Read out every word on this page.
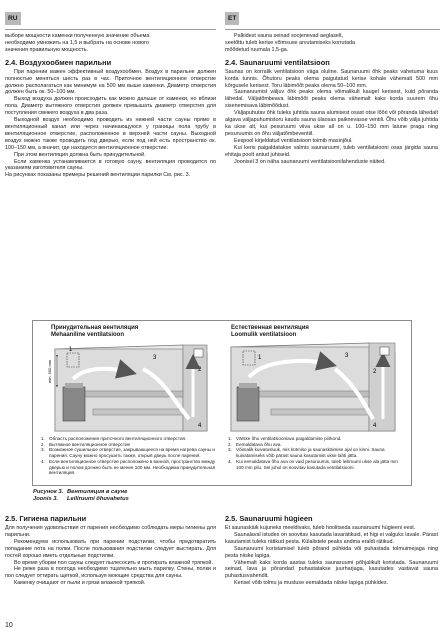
RU	ET

выборе мощности каменки полученную значение объема

необходимо умножить на 1,5 и выбрать на основе нового

значения правильную мощность.

2.4. Воздухообмен парильни

При парении важен эффективный воздухообмен. Воздух в парильне должен полностью меняться шесть раз в час. Приточное вентиляционное отверстие должно располагаться как минимум на 500 мм выше каменки. Диаметр отверстия должен быть ок. 50–100 мм.

Выход воздуха должен происходить как можно дальше от каменки, но вблизи пола. Диаметр вытяжного отверстия должен превышать диаметр отверстия для поступления свежего воздуха в два раза.

Выходной воздух необходимо проводить из нижней части сауны прямо в вентиляционный канал или через начинающуюся у границы пола трубу в вентиляционное отверстие, расположенное в верхней части сауны. Выходной воздух можно также проводить под дверью, если под ней есть пространство ок. 100–150 мм, а вначит, где находится вентиляционное отверстие.

При этом вентиляция должна быть принудительной.

Если каменка устанавливается в готовую сауну, вентиляция проводится по указаниям изготовителя сауны.

На рисунках показаны примеры решений вентиляции парилки См. рис. 3.

Palkidest sauna seinad soojenevad aeglaselt,

seetõttu tuleb kerise võimsuse arvutamiseks korrutada

mõõdetud ruumala 1,5-ga.

2.4. Saunaruumi ventilatsioon

Saunas on korralik ventilatsioon väga oluline. Saunaruumi õhk peaks vahetuma kuus korda tunnis. Õhutoru peaks olema paigutatud kerise kohale vähemalt 500 mm kõrgusele kerisest. Toru läbimõõt peaks olema 50–100 mm.

Saunaruumist väljuv õhk peaks olema võimalikult kaugel kerisest, kuid põranda lähedal. Väljatõmbeava läbimõõt peaks olema vähemalt kaks korda suurem õhu sisenemisava läbimõõdust.

Väljapuhutav õhk tuleks juhtida sauna alumisest osast otse lõõri või põranda lähedalt algava väljapuhumistoru kaudu sauna ülaosas paiknevasse ventili. Õhu võib välja juhtida ka ukse alt, kui pesuruumi viiva ukse all on u. 100–150 mm laiune praga ning pesuruumis on õhu väljatõmbeventiil.

Eespool kirjeldatud ventilatsioon toimib masinjõul.

Kui keris paigaldatakse valmis saunaruumi, tuleb ventilatsiooni osas järgida sauna ehitaja poolt antud juhiseid.

Joonisel 3 on näha saunaruumi ventilatsioonilahenduste näited.

Принудительная вентиляция
Mehaaniline ventilatsioon
min. 500 mm
1
2
3
4
Естественная вентиляция
Loomulik ventilatsioon
1
2
3
4
1. Область расположения приточного вентиляционного отверстия.
2. Вытяжное вентиляционное отверстие
3. Возможное сушильное отверстие, закрывающееся на время нагрева сауны и парения. Сауну можно просушить также, открыв дверь после парения.
4. Если вентиляционное отверстие расположено в ванной, пространство между дверью и полом должно быть не менее 100 мм. Необходима принудительная вентиляция.
1. Värske õhu ventilatsiooniava paigaldamise piirkond.
2. Eemaldatava õhu ava.
3. Võimalik kuivatusluuk, mis kütmise ja saunaskäimise ajal on kinni. Sauna kuivatamiseks võib pärast sauna kasutamist ukse lahti jätta.
4. Kui eemaldatava õhu ava on vaid pesuruumis, tuleb leiliruumi ukse ala jätta min 100 mm pilu. Sel juhul on soovitav kasutada ventilatsiooni.
Рисунок 3. Вентиляция в сауне
Joonis 3. Leiliruumi õhuvahetus
2.5. Гигиена парильни

Для получения удовольствия от парения необходимо соблюдать меры гигиены для парильни.

Рекомендуем использовать при парении подстилки, чтобы предотвратить попадание пота на полки. После пользования подстилки следует выстирать. Для гостей хорошо иметь отдельные подстилки.

Во время уборки пол сауны следует пылесосить и протирать влажной тряпкой.

Не реже раза в полгода необходимо тщательно мыть парилку. Стены, полки и пол следует оттирать щеткой, используя моющие средства для сауны.

Каменку очищают от пыли и грязи влажной тряпкой.

2.5. Saunaruumi hügieen

Et saunaskäik kujuneks meeldivaks, tuleb hoolitseda saunaruumi hügieeni eest.

Saunalaval istudes on soovitav kasutada lavarätikuid, et higi ei valguks lavale. Pärast kasutamist tuleks rätikud pesta. Külalistele peaks andma eraldi rätikud.

Saunaruumi koristamisel tuleb põrand pühkida või puhastada tolmuimejaga ning pesta niiske lapiga.

Vähemalt kaks korda aastas tuleks saunaruumi põhjalikult koristada. Saunaruumi seinad, lava ja põrandad puhastatakse juurharjaga, kasutades vastavat sauna puhastusvahendit.

Kerisel võib tolmu ja mustuse eemaldada niiske lapiga pühkides.

10
